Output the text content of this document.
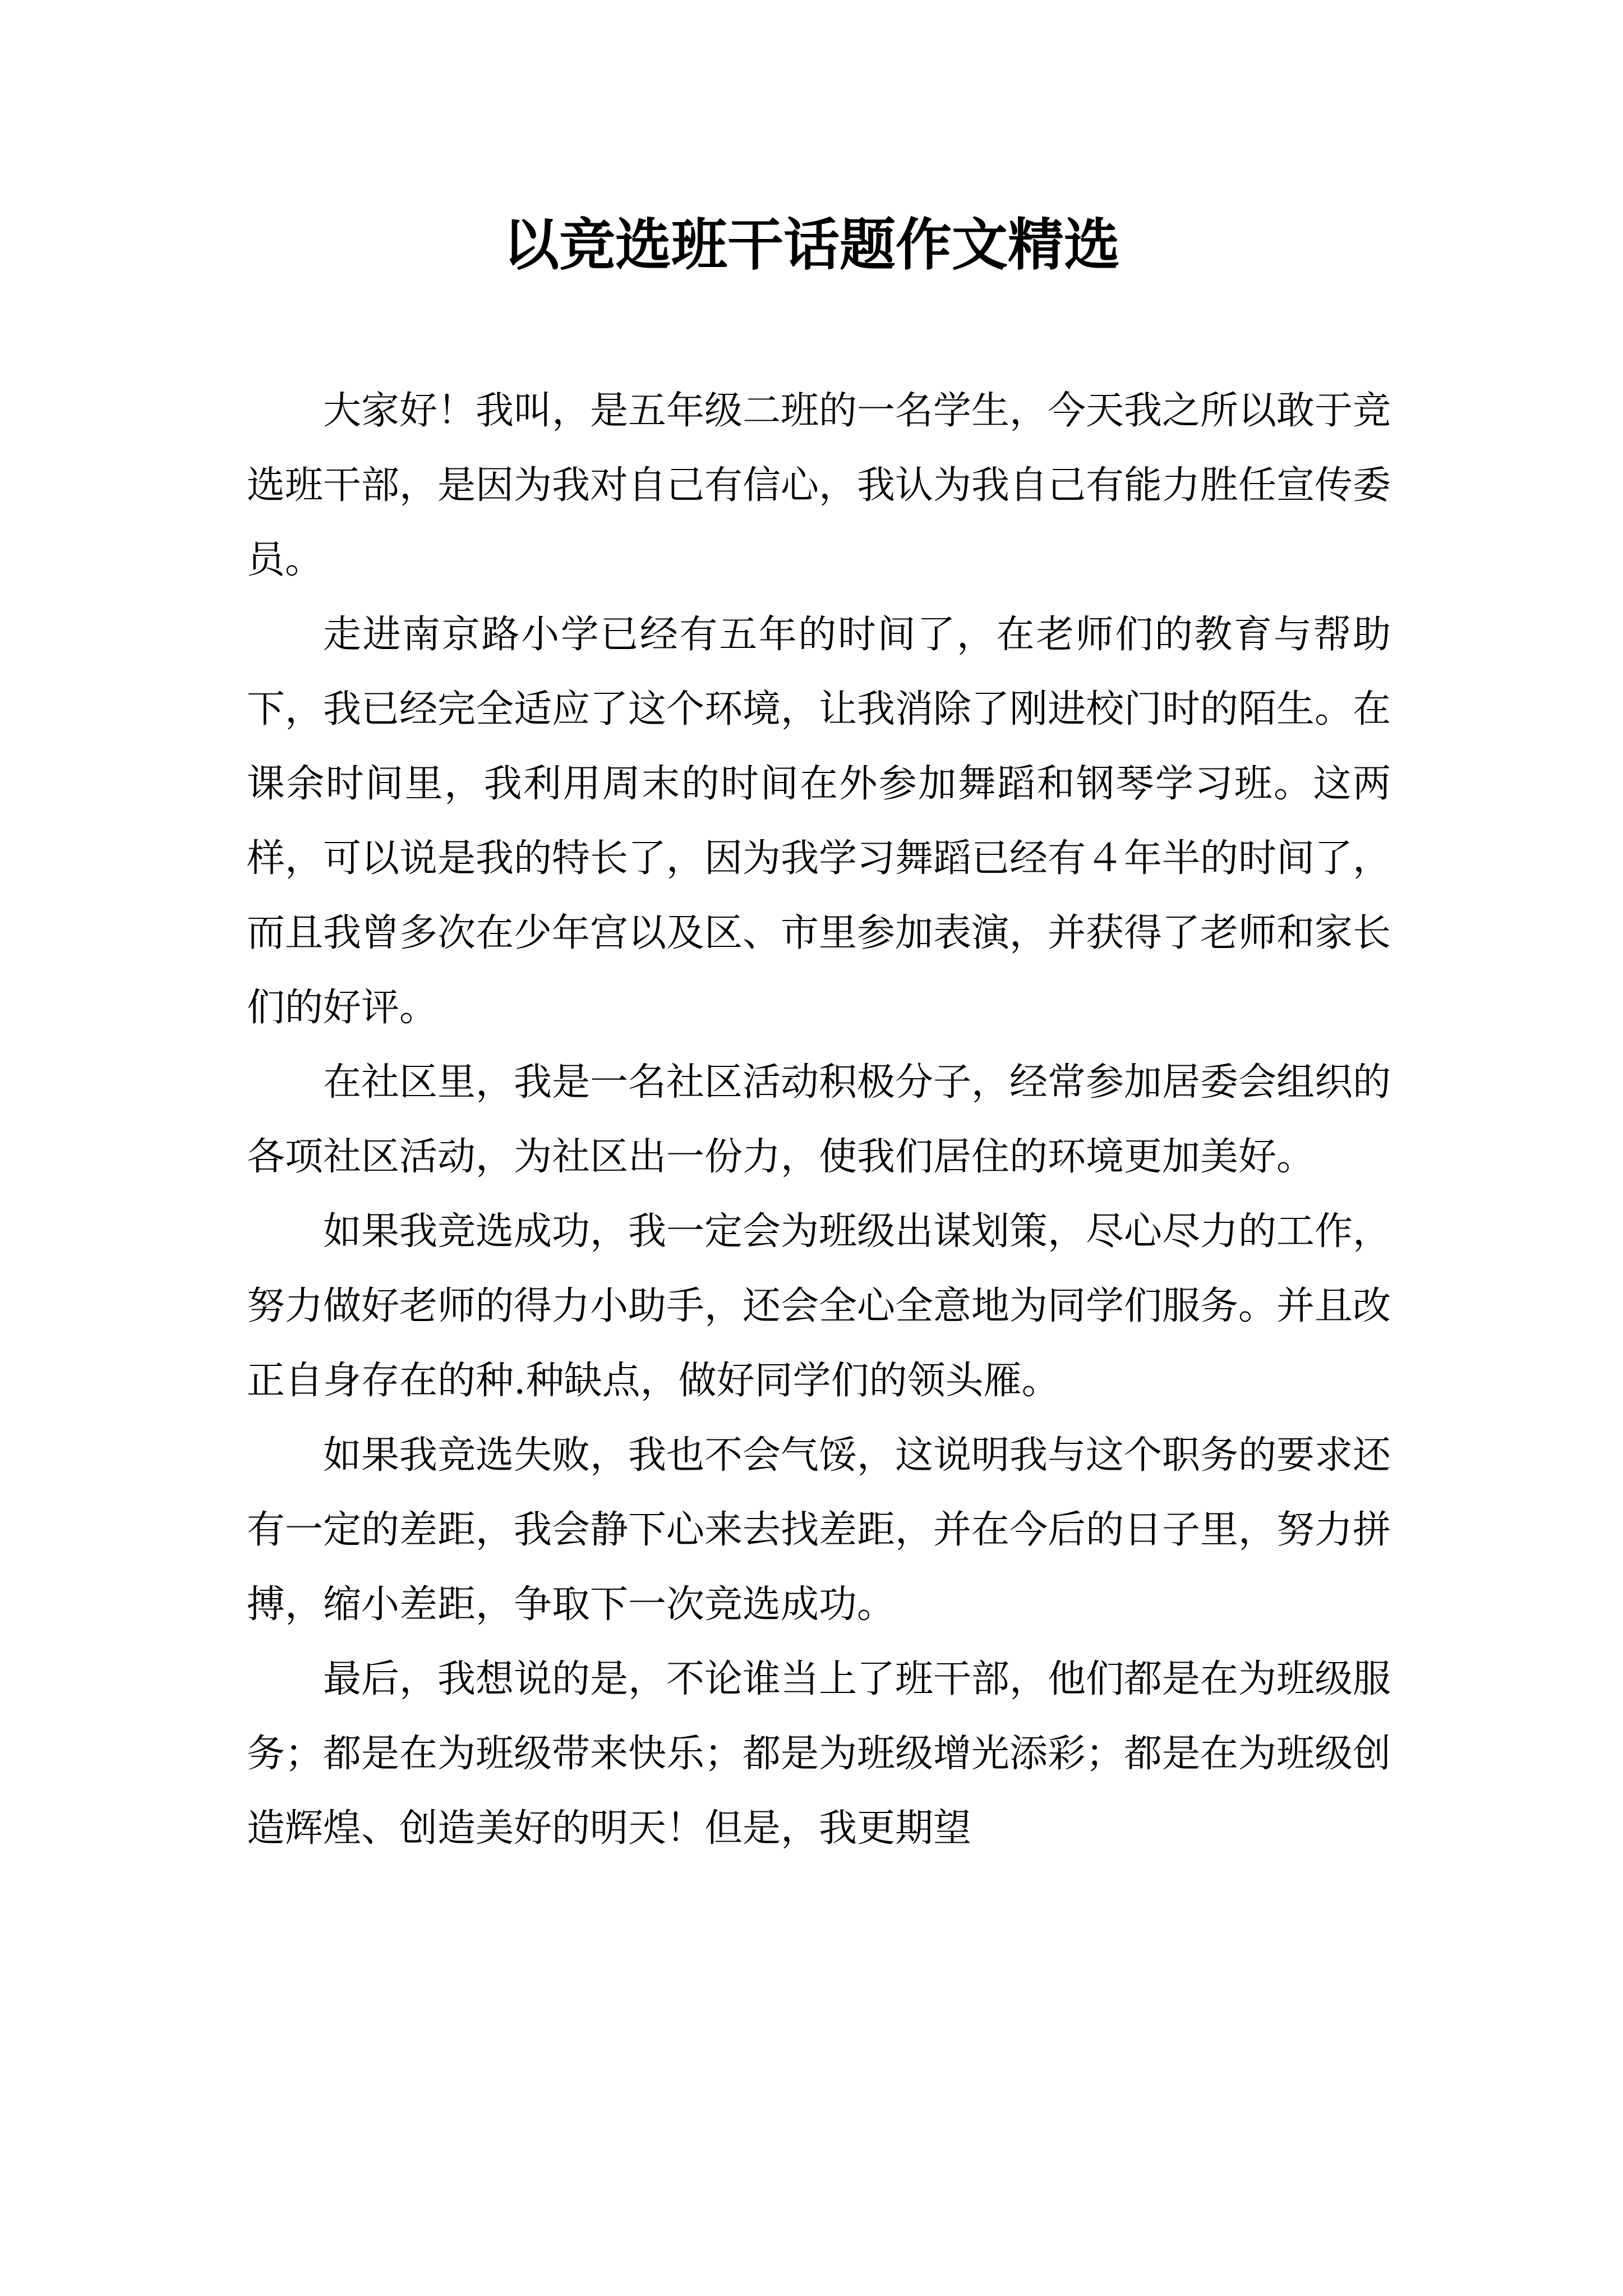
以竞选班干话题作文精选

大家好！我叫，是五年级二班的一名学生，今天我之所以敢于竞选班干部，是因为我对自己有信心，我认为我自己有能力胜任宣传委员。

走进南京路小学已经有五年的时间了，在老师们的教育与帮助下，我已经完全适应了这个环境，让我消除了刚进校门时的陌生。在课余时间里，我利用周末的时间在外参加舞蹈和钢琴学习班。这两样，可以说是我的特长了，因为我学习舞蹈已经有４年半的时间了，而且我曾多次在少年宫以及区、市里参加表演，并获得了老师和家长们的好评。

在社区里，我是一名社区活动积极分子，经常参加居委会组织的各项社区活动，为社区出一份力，使我们居住的环境更加美好。

如果我竞选成功，我一定会为班级出谋划策，尽心尽力的工作，努力做好老师的得力小助手，还会全心全意地为同学们服务。并且改正自身存在的种.种缺点，做好同学们的领头雁。

如果我竞选失败，我也不会气馁，这说明我与这个职务的要求还有一定的差距，我会静下心来去找差距，并在今后的日子里，努力拼搏，缩小差距，争取下一次竞选成功。

最后，我想说的是，不论谁当上了班干部，他们都是在为班级服务；都是在为班级带来快乐；都是为班级增光添彩；都是在为班级创造辉煌、创造美好的明天！但是，我更期望
